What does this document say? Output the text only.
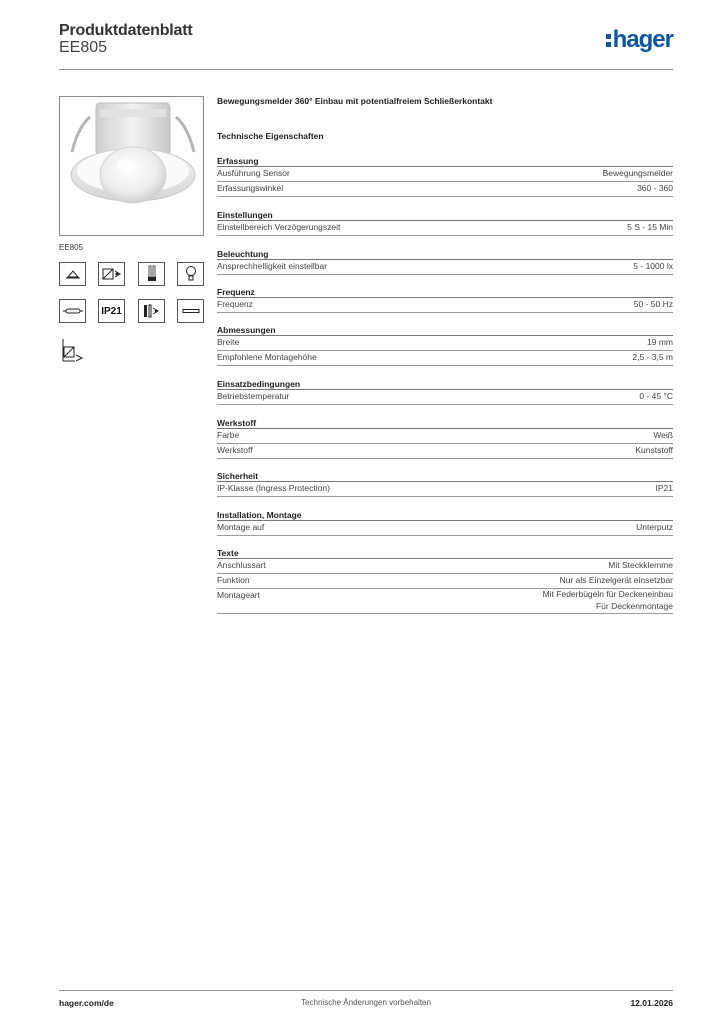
Produktdatenblatt
EE805	hager
EE805
IP21
Bewegungsmelder 360° Einbau mit potentialfreiem Schließerkontakt
Technische Eigenschaften
Erfassung
Ausführung Sensor	Bewegungsmelder
Erfassungswinkel	360 - 360
Einstellungen
Einstellbereich Verzögerungszeit	5 S - 15 Min
Beleuchtung
Ansprechhelligkeit einstellbar	5 - 1000 lx
Frequenz
Frequenz	50 - 50 Hz
Abmessungen
Breite	19 mm
Empfohlene Montagehöhe	2,5 - 3,5 m
Einsatzbedingungen
Betriebstemperatur	0 - 45 °C
Werkstoff
Farbe	Weiß
Werkstoff	Kunststoff
Sicherheit
IP-Klasse (Ingress Protection)	IP21
Installation, Montage
Montage auf	Unterputz
Texte
Anschlussart	Mit Steckklemme
Funktion	Nur als Einzelgerät einsetzbar
Montageart	Mit Federbügeln für Deckeneinbau
Für Deckenmontage
hager.com/de	Technische Änderungen vorbehalten	12.01.2026
